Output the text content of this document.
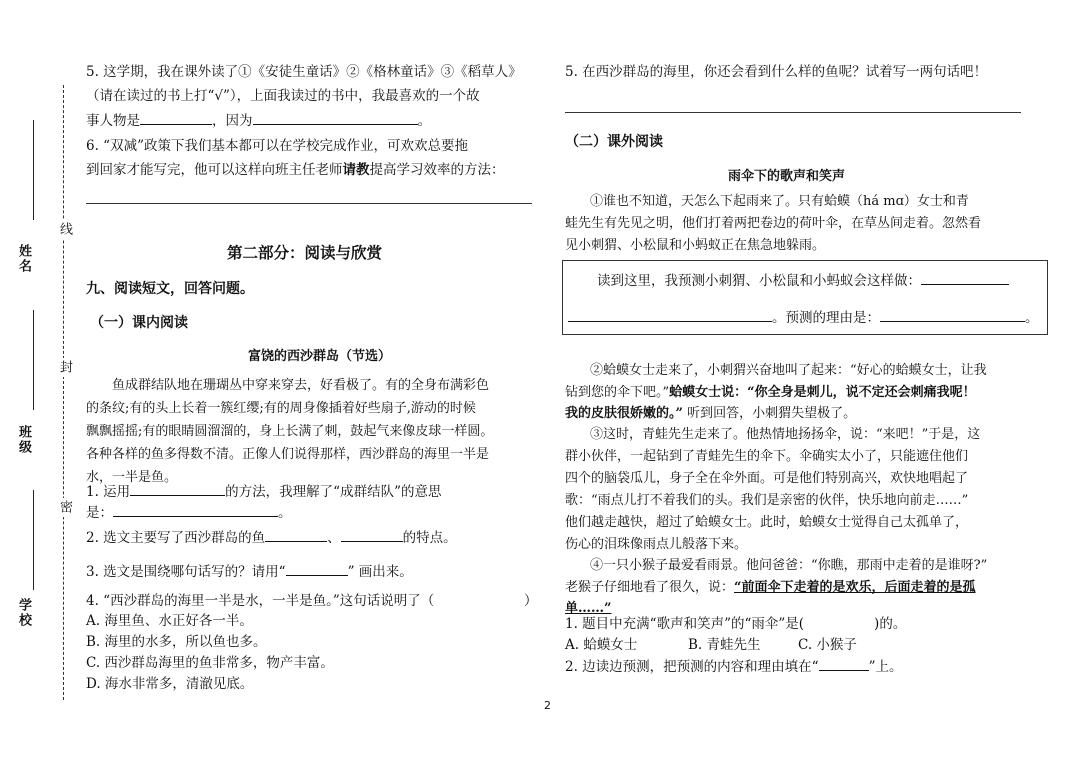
姓名
班级
学校
线
封
密
5. 这学期，我在课外读了①《安徒生童话》②《格林童话》③《稻草人》
（请在读过的书上打“√”），上面我读过的书中，我最喜欢的一个故
事人物是	，因为	。
6. “双减”政策下我们基本都可以在学校完成作业，可欢欢总要拖
到回家才能写完，他可以这样向班主任老师请教提高学习效率的方法：
第二部分：阅读与欣赏
九、阅读短文，回答问题。
（一）课内阅读
富饶的西沙群岛（节选）
鱼成群结队地在珊瑚丛中穿来穿去，好看极了。有的全身布满彩色
的条纹;有的头上长着一簇红缨;有的周身像插着好些扇子,游动的时候
飘飘摇摇;有的眼睛圆溜溜的，身上长满了刺，鼓起气来像皮球一样圆。
各种各样的鱼多得数不清。正像人们说得那样，西沙群岛的海里一半是
水，一半是鱼。
1. 运用	的方法，我理解了“成群结队”的意思
是：	。
2. 选文主要写了西沙群岛的鱼	、	的特点。
3. 选文是围绕哪句话写的？请用“	” 画出来。
4. “西沙群岛的海里一半是水，一半是鱼。”这句话说明了（	）
A. 海里鱼、水正好各一半。
B. 海里的水多，所以鱼也多。
C. 西沙群岛海里的鱼非常多，物产丰富。
D. 海水非常多，清澈见底。
5. 在西沙群岛的海里，你还会看到什么样的鱼呢？试着写一两句话吧！
（二）课外阅读
雨伞下的歌声和笑声
①谁也不知道，天怎么下起雨来了。只有蛤蟆（há mɑ）女士和青
蛙先生有先见之明，他们打着两把卷边的荷叶伞，在草丛间走着。忽然看
见小刺猬、小松鼠和小蚂蚁正在焦急地躲雨。
读到这里，我预测小刺猬、小松鼠和小蚂蚁会这样做：
。预测的理由是：	。
②蛤蟆女士走来了，小刺猬兴奋地叫了起来：“好心的蛤蟆女士，让我
钻到您的伞下吧。”蛤蟆女士说：“你全身是刺儿，说不定还会刺痛我呢！
我的皮肤很娇嫩的。” 听到回答，小刺猬失望极了。
③这时，青蛙先生走来了。他热情地扬扬伞，说：“来吧！”于是，这
群小伙伴，一起钻到了青蛙先生的伞下。伞确实太小了，只能遮住他们
四个的脑袋瓜儿，身子全在伞外面。可是他们特别高兴，欢快地唱起了
歌：“雨点儿打不着我们的头。我们是亲密的伙伴，快乐地向前走……”
他们越走越快，超过了蛤蟆女士。此时，蛤蟆女士觉得自己太孤单了，
伤心的泪珠像雨点儿般落下来。
④一只小猴子最爱看雨景。他问爸爸：“你瞧，那雨中走着的是谁呀?”
老猴子仔细地看了很久，说：“前面伞下走着的是欢乐，后面走着的是孤
单……”
1. 题目中充满“歌声和笑声”的“雨伞”是(	)的。
A. 蛤蟆女士	B. 青蛙先生	C. 小猴子
2. 边读边预测，把预测的内容和理由填在“	”上。
2
